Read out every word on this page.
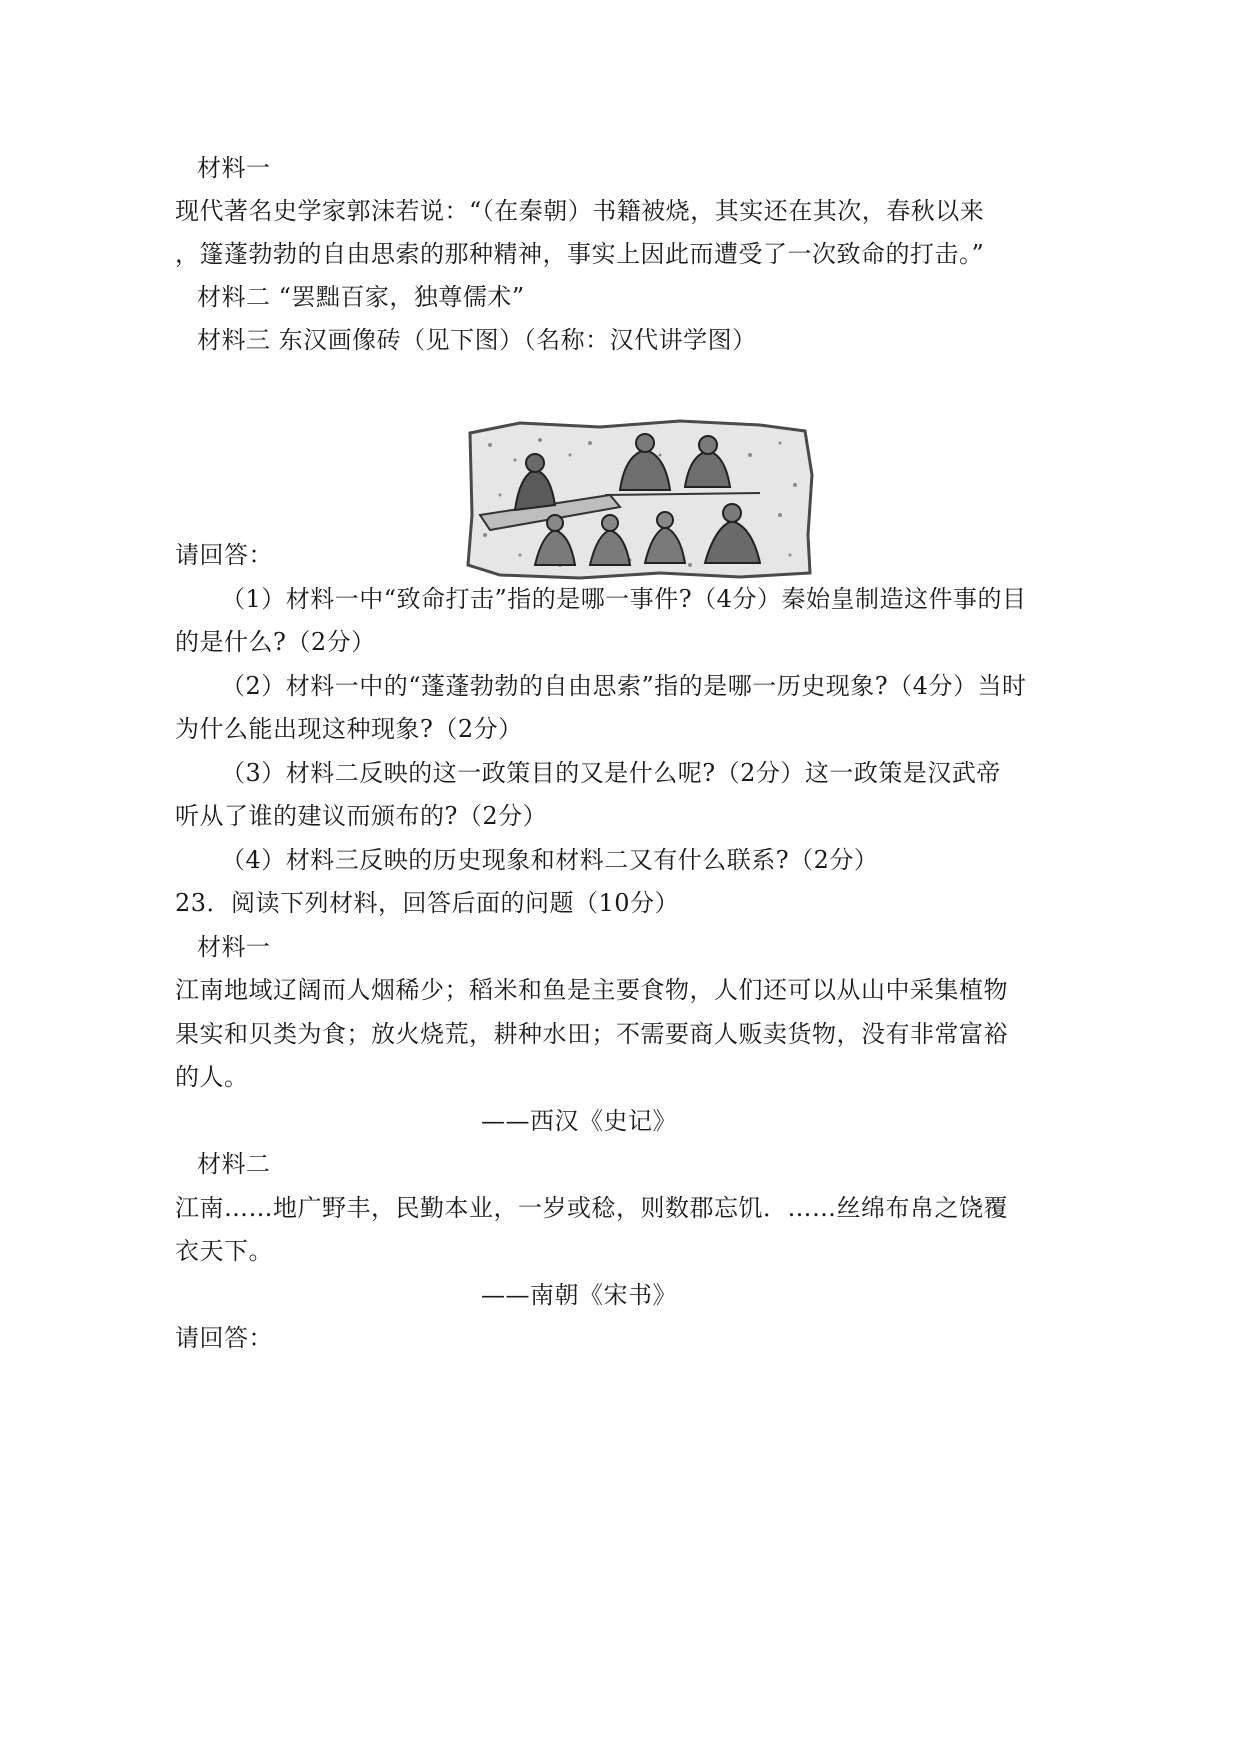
材料一
现代著名史学家郭沫若说：“（在秦朝）书籍被烧，其实还在其次，春秋以来
，篷蓬勃勃的自由思索的那种精神，事实上因此而遭受了一次致命的打击。”
材料二 “罢黜百家，独尊儒术”
材料三 东汉画像砖（见下图）（名称：汉代讲学图）
请回答：
（1）材料一中“致命打击”指的是哪一事件?（4分）秦始皇制造这件事的目
的是什么?（2分）
（2）材料一中的“蓬蓬勃勃的自由思索”指的是哪一历史现象?（4分）当时
为什么能出现这种现象?（2分）
（3）材料二反映的这一政策目的又是什么呢?（2分）这一政策是汉武帝
听从了谁的建议而颁布的?（2分）
（4）材料三反映的历史现象和材料二又有什么联系?（2分）
23．阅读下列材料，回答后面的问题（10分）
材料一
江南地域辽阔而人烟稀少；稻米和鱼是主要食物，人们还可以从山中采集植物
果实和贝类为食；放火烧荒，耕种水田；不需要商人贩卖货物，没有非常富裕
的人。
——西汉《史记》
材料二
江南……地广野丰，民勤本业，一岁或稔，则数郡忘饥．……丝绵布帛之饶覆
衣天下。
——南朝《宋书》
请回答：
